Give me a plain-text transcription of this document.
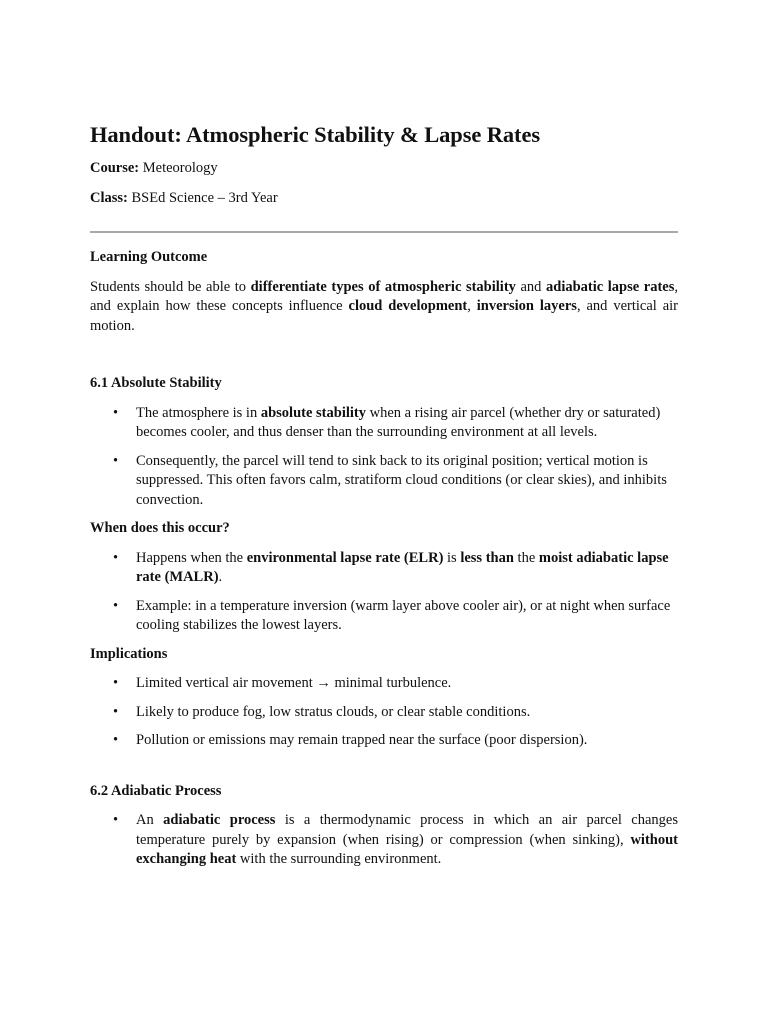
Handout: Atmospheric Stability & Lapse Rates

Course: Meteorology

Class: BSEd Science – 3rd Year

Learning Outcome

Students should be able to differentiate types of atmospheric stability and adiabatic lapse rates, and explain how these concepts influence cloud development, inversion layers, and vertical air motion.

6.1 Absolute Stability

• The atmosphere is in absolute stability when a rising air parcel (whether dry or saturated) becomes cooler, and thus denser than the surrounding environment at all levels.
• Consequently, the parcel will tend to sink back to its original position; vertical motion is suppressed. This often favors calm, stratiform cloud conditions (or clear skies), and inhibits convection.

When does this occur?

• Happens when the environmental lapse rate (ELR) is less than the moist adiabatic lapse rate (MALR).
• Example: in a temperature inversion (warm layer above cooler air), or at night when surface cooling stabilizes the lowest layers.

Implications

• Limited vertical air movement → minimal turbulence.
• Likely to produce fog, low stratus clouds, or clear stable conditions.
• Pollution or emissions may remain trapped near the surface (poor dispersion).

6.2 Adiabatic Process

• An adiabatic process is a thermodynamic process in which an air parcel changes temperature purely by expansion (when rising) or compression (when sinking), without exchanging heat with the surrounding environment.
